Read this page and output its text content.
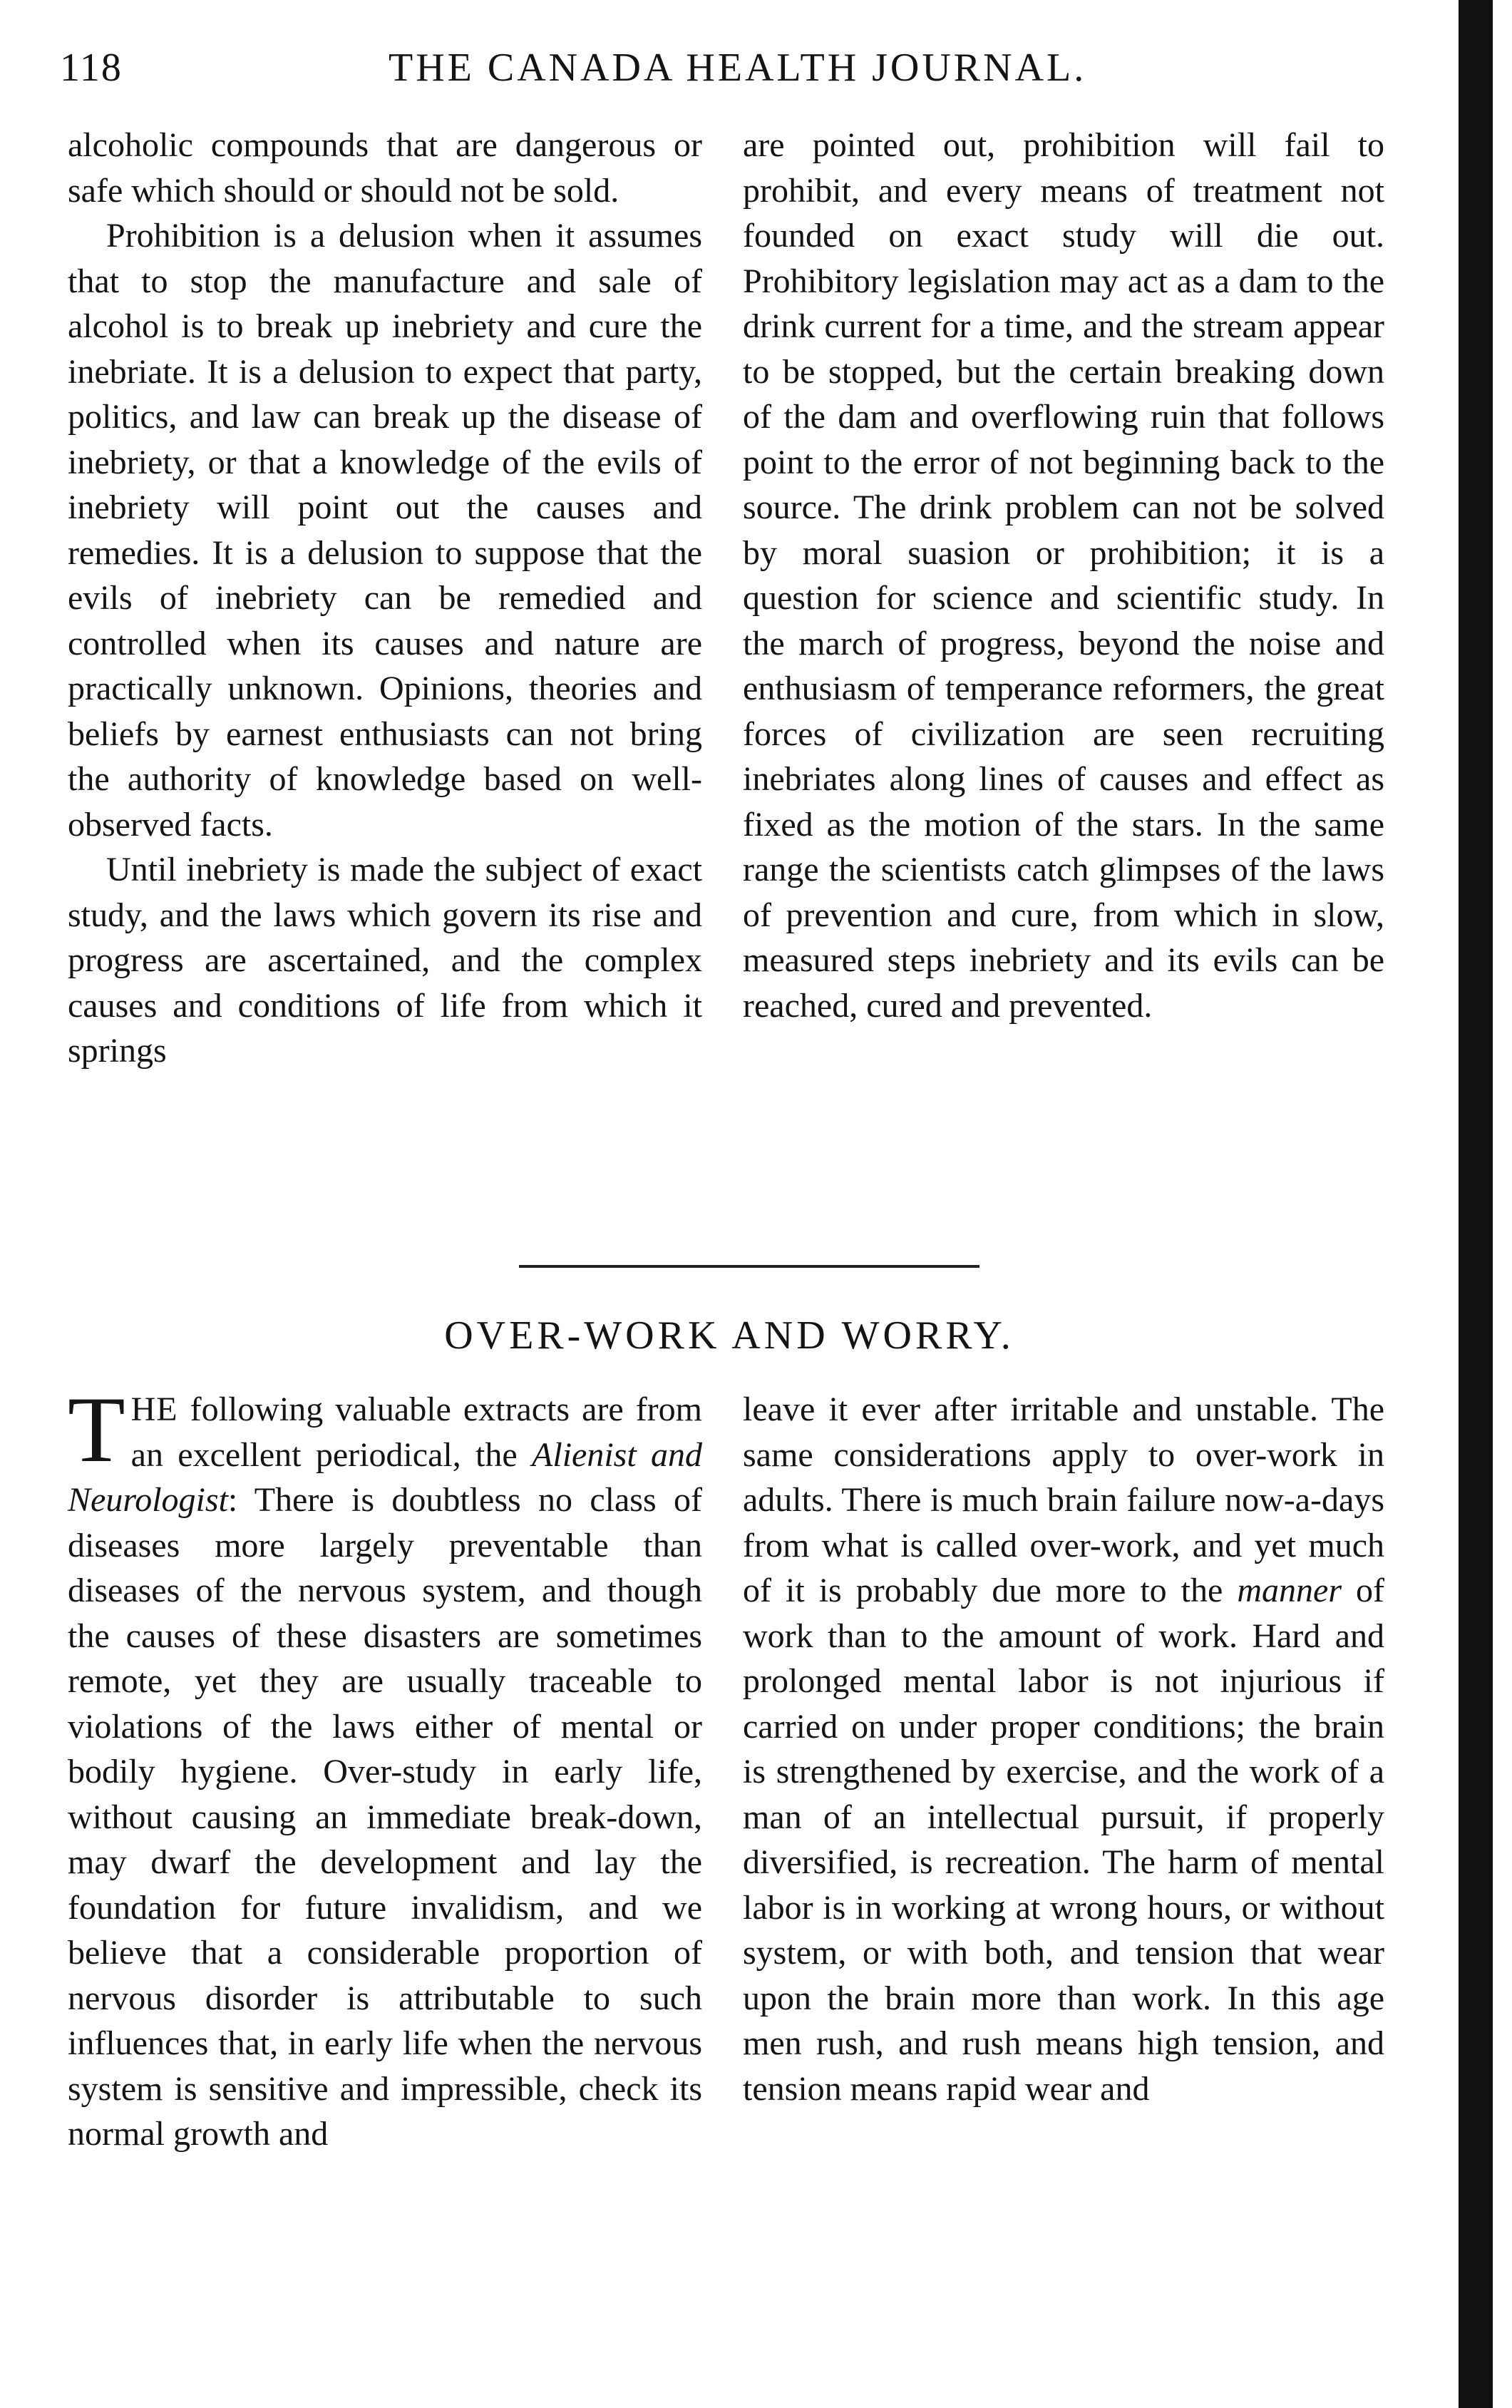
118	THE CANADA HEALTH JOURNAL.

alcoholic compounds that are dangerous or safe which should or should not be sold.

Prohibition is a delusion when it assumes that to stop the manufacture and sale of alcohol is to break up inebriety and cure the inebriate. It is a delusion to expect that party, politics, and law can break up the disease of inebriety, or that a knowledge of the evils of inebriety will point out the causes and remedies. It is a delusion to suppose that the evils of inebriety can be remedied and controlled when its causes and nature are practically unknown. Opinions, theories and beliefs by earnest enthusiasts can not bring the authority of knowledge based on well-observed facts.

Until inebriety is made the subject of exact study, and the laws which govern its rise and progress are ascertained, and the complex causes and conditions of life from which it springs

are pointed out, prohibition will fail to prohibit, and every means of treatment not founded on exact study will die out. Prohibitory legislation may act as a dam to the drink current for a time, and the stream appear to be stopped, but the certain breaking down of the dam and overflowing ruin that follows point to the error of not beginning back to the source. The drink problem can not be solved by moral suasion or prohibition; it is a question for science and scientific study. In the march of progress, beyond the noise and enthusiasm of temperance reformers, the great forces of civilization are seen recruiting inebriates along lines of causes and effect as fixed as the motion of the stars. In the same range the scientists catch glimpses of the laws of prevention and cure, from which in slow, measured steps inebriety and its evils can be reached, cured and prevented.

OVER-WORK AND WORRY.

THE following valuable extracts are from an excellent periodical, the Alienist and Neurologist: There is doubtless no class of diseases more largely preventable than diseases of the nervous system, and though the causes of these disasters are sometimes remote, yet they are usually traceable to violations of the laws either of mental or bodily hygiene. Over-study in early life, without causing an immediate break-down, may dwarf the development and lay the foundation for future invalidism, and we believe that a considerable proportion of nervous disorder is attributable to such influences that, in early life when the nervous system is sensitive and impressible, check its normal growth and

leave it ever after irritable and unstable. The same considerations apply to over-work in adults. There is much brain failure now-a-days from what is called over-work, and yet much of it is probably due more to the manner of work than to the amount of work. Hard and prolonged mental labor is not injurious if carried on under proper conditions; the brain is strengthened by exercise, and the work of a man of an intellectual pursuit, if properly diversified, is recreation. The harm of mental labor is in working at wrong hours, or without system, or with both, and tension that wear upon the brain more than work. In this age men rush, and rush means high tension, and tension means rapid wear and
